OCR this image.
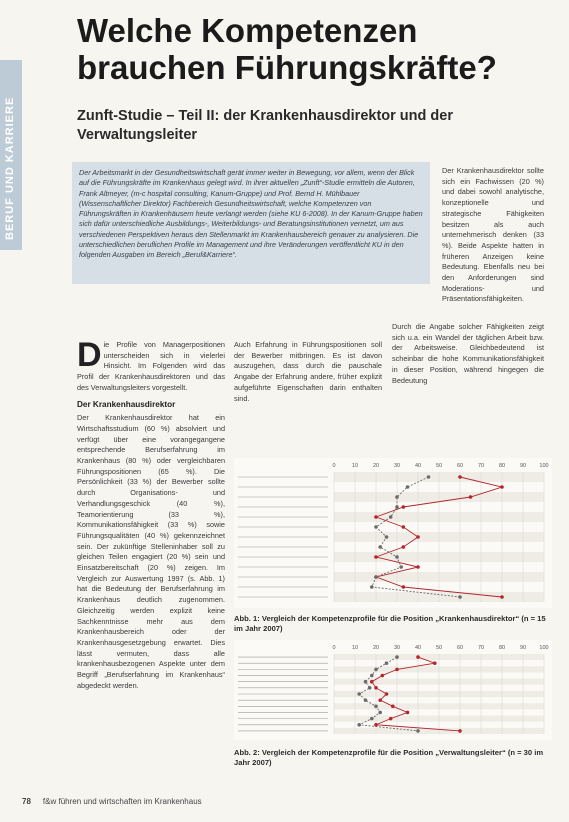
BERUF UND KARRIERE
Welche Kompetenzen brauchen Führungskräfte?
Zunft-Studie – Teil II: der Krankenhausdirektor und der Verwaltungsleiter
Der Arbeitsmarkt in der Gesundheitswirtschaft gerät immer weiter in Bewegung, vor allem, wenn der Blick auf die Führungskräfte im Krankenhaus gelegt wird. In ihrer aktuellen „Zunft“-Studie ermitteln die Autoren, Frank Altmeyer, (m-c hospital consulting, Kanum-Gruppe) und Prof. Bernd H. Mühlbauer (Wissenschaftlicher Direktor) Fachbereich Gesundheitswirtschaft, welche Kompetenzen von Führungskräften in Krankenhäusern heute verlangt werden (siehe KU 6-2008). In der Kanum-Gruppe haben sich dafür unterschiedliche Ausbildungs-, Weiterbildungs- und Beratungsinstitutionen vernetzt, um aus verschiedenen Perspektiven heraus den Stellenmarkt im Krankenhausbereich genauer zu analysieren. Die unterschiedlichen beruflichen Profile im Management und ihre Veränderungen veröffentlicht KU in den folgenden Ausgaben im Bereich „Beruf&Karriere“.

Die Profile von Managerpositionen unterscheiden sich in vielerlei Hinsicht. Im Folgenden wird das Profil der Krankenhausdirektoren und das des Verwaltungsleiters vorgestellt.

Der Krankenhausdirektor

Der Krankenhausdirektor hat ein Wirtschaftsstudium (60 %) absolviert und verfügt über eine vorangegangene entsprechende Berufserfahrung im Krankenhaus (80 %) oder vergleichbaren Führungspositionen (65 %). Die Persönlichkeit (33 %) der Bewerber sollte durch Organisations- und Verhandlungsgeschick (40 %), Teamorientierung (33 %), Kommunikationsfähigkeit (33 %) sowie Führungsqualitäten (40 %) gekennzeichnet sein. Der zukünftige Stelleninhaber soll zu gleichen Teilen engagiert (20 %) sein und Einsatzbereitschaft (20 %) zeigen. Im Vergleich zur Auswertung 1997 (s. Abb. 1) hat die Bedeutung der Berufserfahrung im Krankenhaus deutlich zugenommen. Gleichzeitig werden explizit keine Sachkenntnisse mehr aus dem Krankenhausbereich oder der Krankenhausgesetzgebung erwartet. Dies lässt vermuten, dass alle krankenhausbezogenen Aspekte unter dem Begriff „Berufserfahrung im Krankenhaus“ abgedeckt werden.

Auch Erfahrung in Führungspositionen soll der Bewerber mitbringen. Es ist davon auszugehen, dass durch die pauschale Angabe der Erfahrung andere, früher explizit aufgeführte Eigenschaften darin enthalten sind.

Der Krankenhausdirektor sollte sich ein Fachwissen (20 %) und dabei sowohl analytische, konzeptionelle und strategische Fähigkeiten besitzen als auch unternehmerisch denken (33 %). Beide Aspekte hatten in früheren Anzeigen keine Bedeutung. Ebenfalls neu bei den Anforderungen sind Moderations- und Präsentationsfähigkeiten.

Durch die Angabe solcher Fähigkeiten zeigt sich u.a. ein Wandel der täglichen Arbeit bzw. der Arbeitsweise. Gleichbedeutend ist scheinbar die hohe Kommunikationsfähigkeit in dieser Position, während hingegen die Bedeutung

0	10	20	30	40	50	60	70	80	90 100
Abb. 1: Vergleich der Kompetenzprofile für die Position „Krankenhausdirektor“ (n = 15 im Jahr 2007)
0	10	20	30	40	50	60	70	80	90 100
Abb. 2: Vergleich der Kompetenzprofile für die Position „Verwaltungsleiter“ (n = 30 im Jahr 2007)
78 f&w führen und wirtschaften im Krankenhaus
